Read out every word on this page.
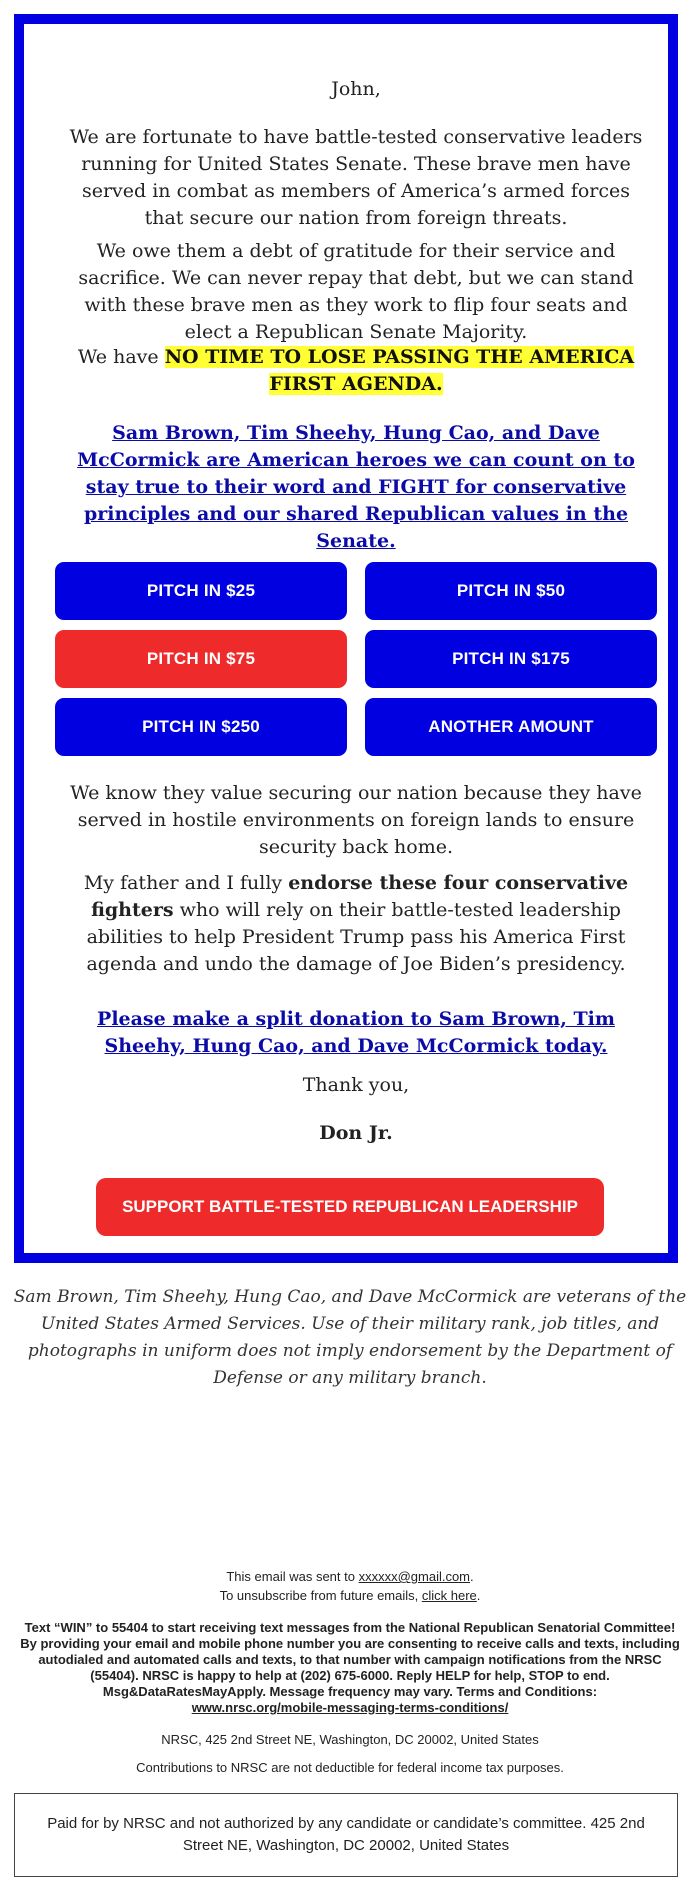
John,

We are fortunate to have battle-tested conservative leaders running for United States Senate. These brave men have served in combat as members of America’s armed forces that secure our nation from foreign threats.

We owe them a debt of gratitude for their service and sacrifice. We can never repay that debt, but we can stand with these brave men as they work to flip four seats and elect a Republican Senate Majority.

We have NO TIME TO LOSE PASSING THE AMERICA FIRST AGENDA.

Sam Brown, Tim Sheehy, Hung Cao, and Dave McCormick are American heroes we can count on to stay true to their word and FIGHT for conservative principles and our shared Republican values in the Senate.

PITCH IN $25	PITCH IN $50
PITCH IN $75	PITCH IN $175
PITCH IN $250	ANOTHER AMOUNT

We know they value securing our nation because they have served in hostile environments on foreign lands to ensure security back home.

My father and I fully endorse these four conservative fighters who will rely on their battle-tested leadership abilities to help President Trump pass his America First agenda and undo the damage of Joe Biden’s presidency.

Please make a split donation to Sam Brown, Tim Sheehy, Hung Cao, and Dave McCormick today.

Thank you,

Don Jr.

SUPPORT BATTLE-TESTED REPUBLICAN LEADERSHIP

Sam Brown, Tim Sheehy, Hung Cao, and Dave McCormick are veterans of the United States Armed Services. Use of their military rank, job titles, and photographs in uniform does not imply endorsement by the Department of Defense or any military branch.

This email was sent to xxxxxx@gmail.com.

To unsubscribe from future emails, click here.

Text “WIN” to 55404 to start receiving text messages from the National Republican Senatorial Committee! By providing your email and mobile phone number you are consenting to receive calls and texts, including autodialed and automated calls and texts, to that number with campaign notifications from the NRSC (55404). NRSC is happy to help at (202) 675-6000. Reply HELP for help, STOP to end. Msg&DataRatesMayApply. Message frequency may vary. Terms and Conditions:
www.nrsc.org/mobile-messaging-terms-conditions/

NRSC, 425 2nd Street NE, Washington, DC 20002, United States

Contributions to NRSC are not deductible for federal income tax purposes.

Paid for by NRSC and not authorized by any candidate or candidate’s committee. 425 2nd Street NE, Washington, DC 20002, United States
